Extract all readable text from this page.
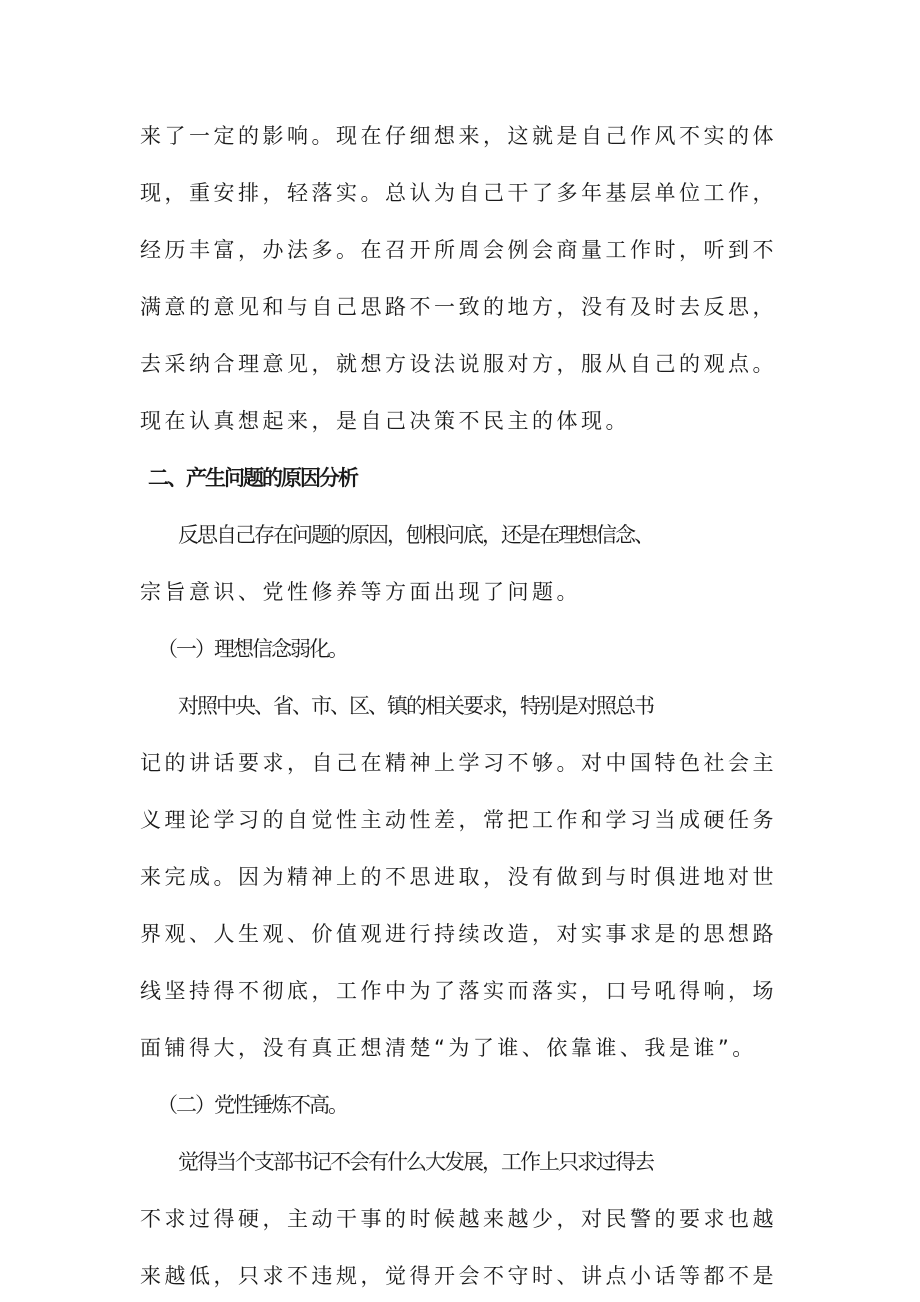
来了一定的影响。现在仔细想来，这就是自己作风不实的体
现，重安排，轻落实。总认为自己干了多年基层单位工作，
经历丰富，办法多。在召开所周会例会商量工作时，听到不
满意的意见和与自己思路不一致的地方，没有及时去反思，
去采纳合理意见，就想方设法说服对方，服从自己的观点。
现在认真想起来，是自己决策不民主的体现。
二、产生问题的原因分析
反思自己存在问题的原因，刨根问底，还是在理想信念、
宗旨意识、党性修养等方面出现了问题。
（一）理想信念弱化。
对照中央、省、市、区、镇的相关要求，特别是对照总书
记的讲话要求，自己在精神上学习不够。对中国特色社会主
义理论学习的自觉性主动性差，常把工作和学习当成硬任务
来完成。因为精神上的不思进取，没有做到与时俱进地对世
界观、人生观、价值观进行持续改造，对实事求是的思想路
线坚持得不彻底，工作中为了落实而落实，口号吼得响，场
面铺得大，没有真正想清楚“为了谁、依靠谁、我是谁”。
（二）党性锤炼不高。
觉得当个支部书记不会有什么大发展，工作上只求过得去
不求过得硬，主动干事的时候越来越少，对民警的要求也越
来越低，只求不违规，觉得开会不守时、讲点小话等都不是
